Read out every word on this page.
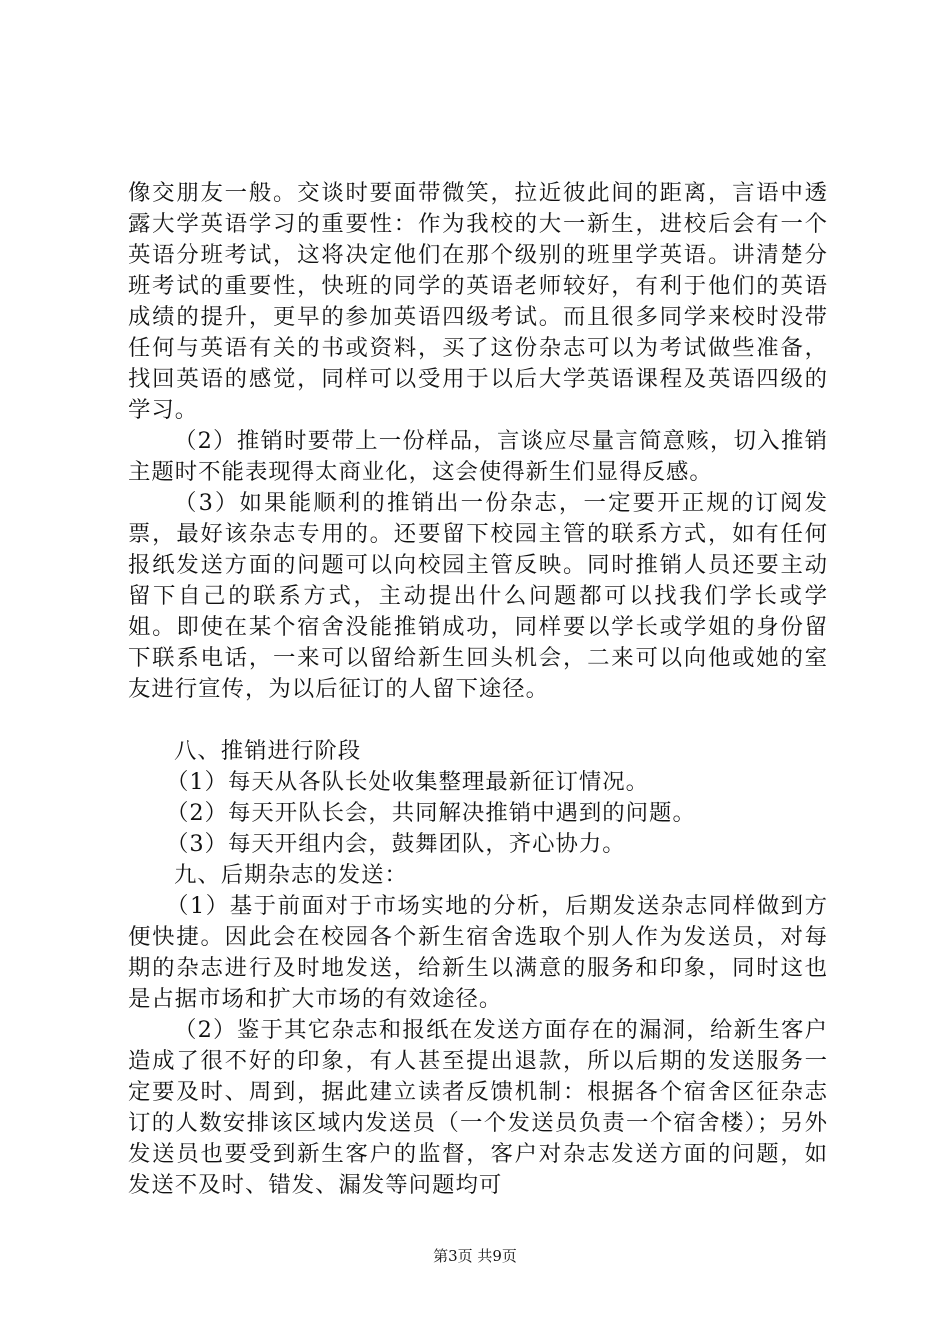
像交朋友一般。交谈时要面带微笑，拉近彼此间的距离，言语中透露大学英语学习的重要性：作为我校的大一新生，进校后会有一个英语分班考试，这将决定他们在那个级别的班里学英语。讲清楚分班考试的重要性，快班的同学的英语老师较好，有利于他们的英语成绩的提升，更早的参加英语四级考试。而且很多同学来校时没带任何与英语有关的书或资料，买了这份杂志可以为考试做些准备，找回英语的感觉，同样可以受用于以后大学英语课程及英语四级的学习。

（2）推销时要带上一份样品，言谈应尽量言简意赅，切入推销主题时不能表现得太商业化，这会使得新生们显得反感。

（3）如果能顺利的推销出一份杂志，一定要开正规的订阅发票，最好该杂志专用的。还要留下校园主管的联系方式，如有任何报纸发送方面的问题可以向校园主管反映。同时推销人员还要主动留下自己的联系方式，主动提出什么问题都可以找我们学长或学姐。即使在某个宿舍没能推销成功，同样要以学长或学姐的身份留下联系电话，一来可以留给新生回头机会，二来可以向他或她的室友进行宣传，为以后征订的人留下途径。

八、推销进行阶段

（1）每天从各队长处收集整理最新征订情况。

（2）每天开队长会，共同解决推销中遇到的问题。

（3）每天开组内会，鼓舞团队，齐心协力。

九、后期杂志的发送：

（1）基于前面对于市场实地的分析，后期发送杂志同样做到方便快捷。因此会在校园各个新生宿舍选取个别人作为发送员，对每期的杂志进行及时地发送，给新生以满意的服务和印象，同时这也是占据市场和扩大市场的有效途径。

（2）鉴于其它杂志和报纸在发送方面存在的漏洞，给新生客户造成了很不好的印象，有人甚至提出退款，所以后期的发送服务一定要及时、周到，据此建立读者反馈机制：根据各个宿舍区征杂志订的人数安排该区域内发送员（一个发送员负责一个宿舍楼）；另外发送员也要受到新生客户的监督，客户对杂志发送方面的问题，如发送不及时、错发、漏发等问题均可

第3页 共9页
